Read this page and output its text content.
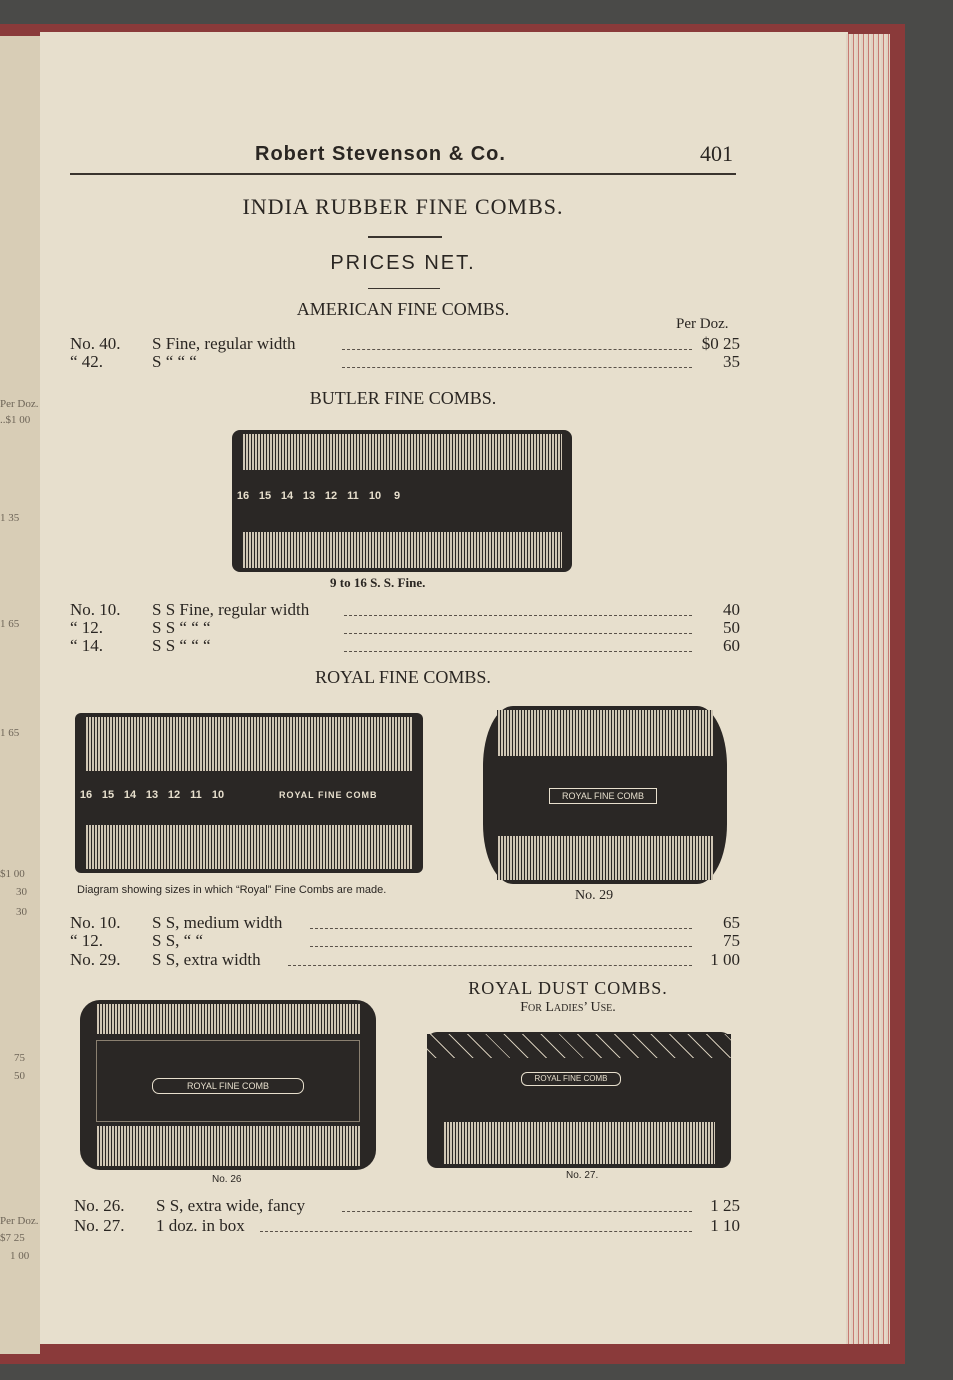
Per Doz.
..$1 00
1 35
1 65
1 65
$1 00
30
30
75
50
Per Doz.
$7 25
1 00
Robert Stevenson & Co.	401
INDIA RUBBER FINE COMBS.
PRICES NET.
AMERICAN FINE COMBS.
Per Doz.
No. 40. S Fine, regular width	$0 25
“ 42.	S “ “ “	35
BUTLER FINE COMBS.
16 15 14 13 12 11 10	9
9 to 16 S. S. Fine.
No. 10. S S Fine, regular width	40
“ 12.	S S “ “ “	50
“ 14.	S S “ “ “	60
ROYAL FINE COMBS.
16 15 14 13 12 11 10	ROYAL FINE COMB
Diagram showing sizes in which “Royal” Fine Combs are made.
ROYAL FINE COMB
No. 29
No. 10. S S, medium width	65
“ 12.	S S, “ “	75
No. 29. S S, extra width	1 00
ROYAL DUST COMBS.
For Ladies’ Use.
ROYAL FINE COMB
No. 26
ROYAL FINE COMB
No. 27.
No. 26. S S, extra wide, fancy	1 25
No. 27. 1 doz. in box	1 10
